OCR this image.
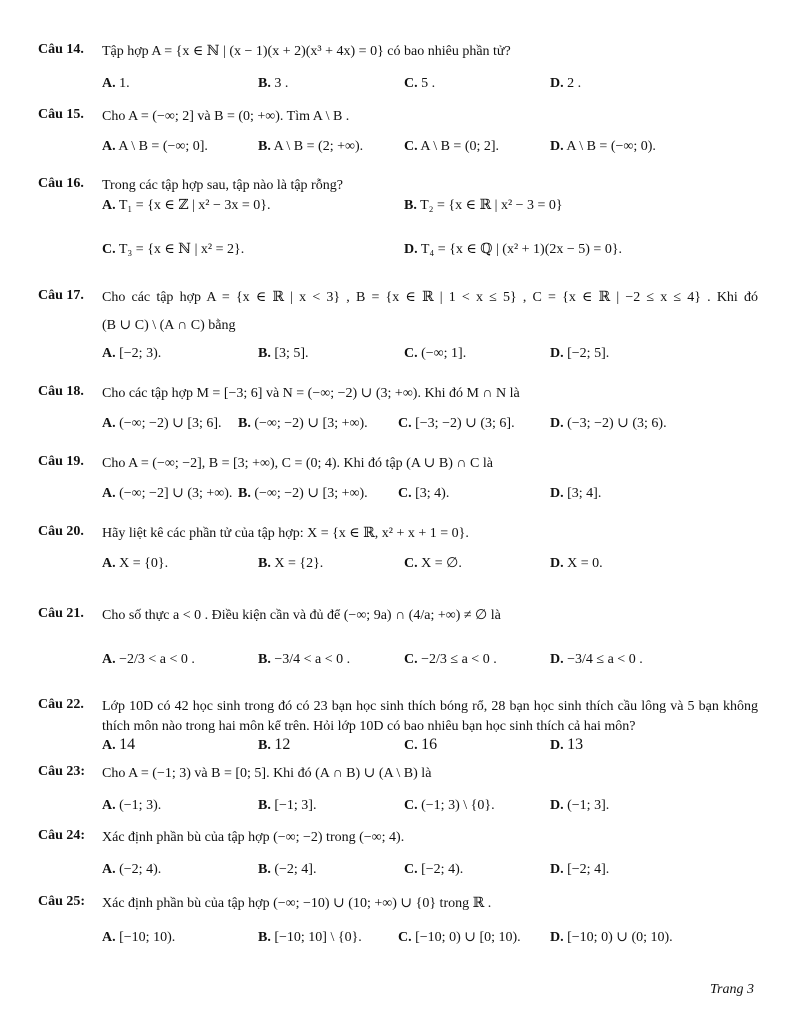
Câu 14. Tập hợp A = {x ∈ ℕ | (x − 1)(x + 2)(x³ + 4x) = 0} có bao nhiêu phần tử?
A. 1.	B. 3 .	C. 5 .	D. 2 .
Câu 15. Cho A = (−∞; 2] và B = (0; +∞). Tìm A \ B .
A. A \ B = (−∞; 0].	B. A \ B = (2; +∞).	C. A \ B = (0; 2].	D. A \ B = (−∞; 0).
Câu 16. Trong các tập hợp sau, tập nào là tập rỗng?
A. T₁ = {x ∈ ℤ | x² − 3x = 0}.	B. T₂ = {x ∈ ℝ | x² − 3 = 0}
C. T₃ = {x ∈ ℕ | x² = 2}.	D. T₄ = {x ∈ ℚ | (x² + 1)(2x − 5) = 0}.
Câu 17. Cho các tập hợp A = {x ∈ ℝ | x < 3} , B = {x ∈ ℝ | 1 < x ≤ 5} , C = {x ∈ ℝ | −2 ≤ x ≤ 4} . Khi đó
(B ∪ C) \ (A ∩ C) bằng
A. [−2; 3).	B. [3; 5].	C. (−∞; 1].	D. [−2; 5].
Câu 18. Cho các tập hợp M = [−3; 6] và N = (−∞; −2) ∪ (3; +∞). Khi đó M ∩ N là
A. (−∞; −2) ∪ [3; 6]. B. (−∞; −2) ∪ [3; +∞). C. [−3; −2) ∪ (3; 6].	D. (−3; −2) ∪ (3; 6).
Câu 19. Cho A = (−∞; −2], B = [3; +∞), C = (0; 4). Khi đó tập (A ∪ B) ∩ C là
A. (−∞; −2] ∪ (3; +∞). B. (−∞; −2) ∪ [3; +∞). C. [3; 4).	D. [3; 4].
Câu 20. Hãy liệt kê các phần tử của tập hợp: X = {x ∈ ℝ, x² + x + 1 = 0}.
A. X = {0}.	B. X = {2}.	C. X = ∅.	D. X = 0.
Câu 21. Cho số thực a < 0 . Điều kiện cần và đủ để (−∞; 9a) ∩ (4/a; +∞) ≠ ∅ là
A. −2/3 < a < 0 .	B. −3/4 < a < 0 .	C. −2/3 ≤ a < 0 .	D. −3/4 ≤ a < 0 .
Câu 22. Lớp 10D có 42 học sinh trong đó có 23 bạn học sinh thích bóng rổ, 28 bạn học sinh thích cầu lông và 5 bạn không thích môn nào trong hai môn kể trên. Hỏi lớp 10D có bao nhiêu bạn học sinh thích cả hai môn?
A. 14	B. 12	C. 16	D. 13
Câu 23: Cho A = (−1; 3) và B = [0; 5]. Khi đó (A ∩ B) ∪ (A \ B) là
A. (−1; 3).	B. [−1; 3].	C. (−1; 3) \ {0}.	D. (−1; 3].
Câu 24: Xác định phần bù của tập hợp (−∞; −2) trong (−∞; 4).
A. (−2; 4).	B. (−2; 4].	C. [−2; 4).	D. [−2; 4].
Câu 25: Xác định phần bù của tập hợp (−∞; −10) ∪ (10; +∞) ∪ {0} trong ℝ .
A. [−10; 10).	B. [−10; 10] \ {0}.	C. [−10; 0) ∪ [0; 10). D. [−10; 0) ∪ (0; 10).
Trang 3
